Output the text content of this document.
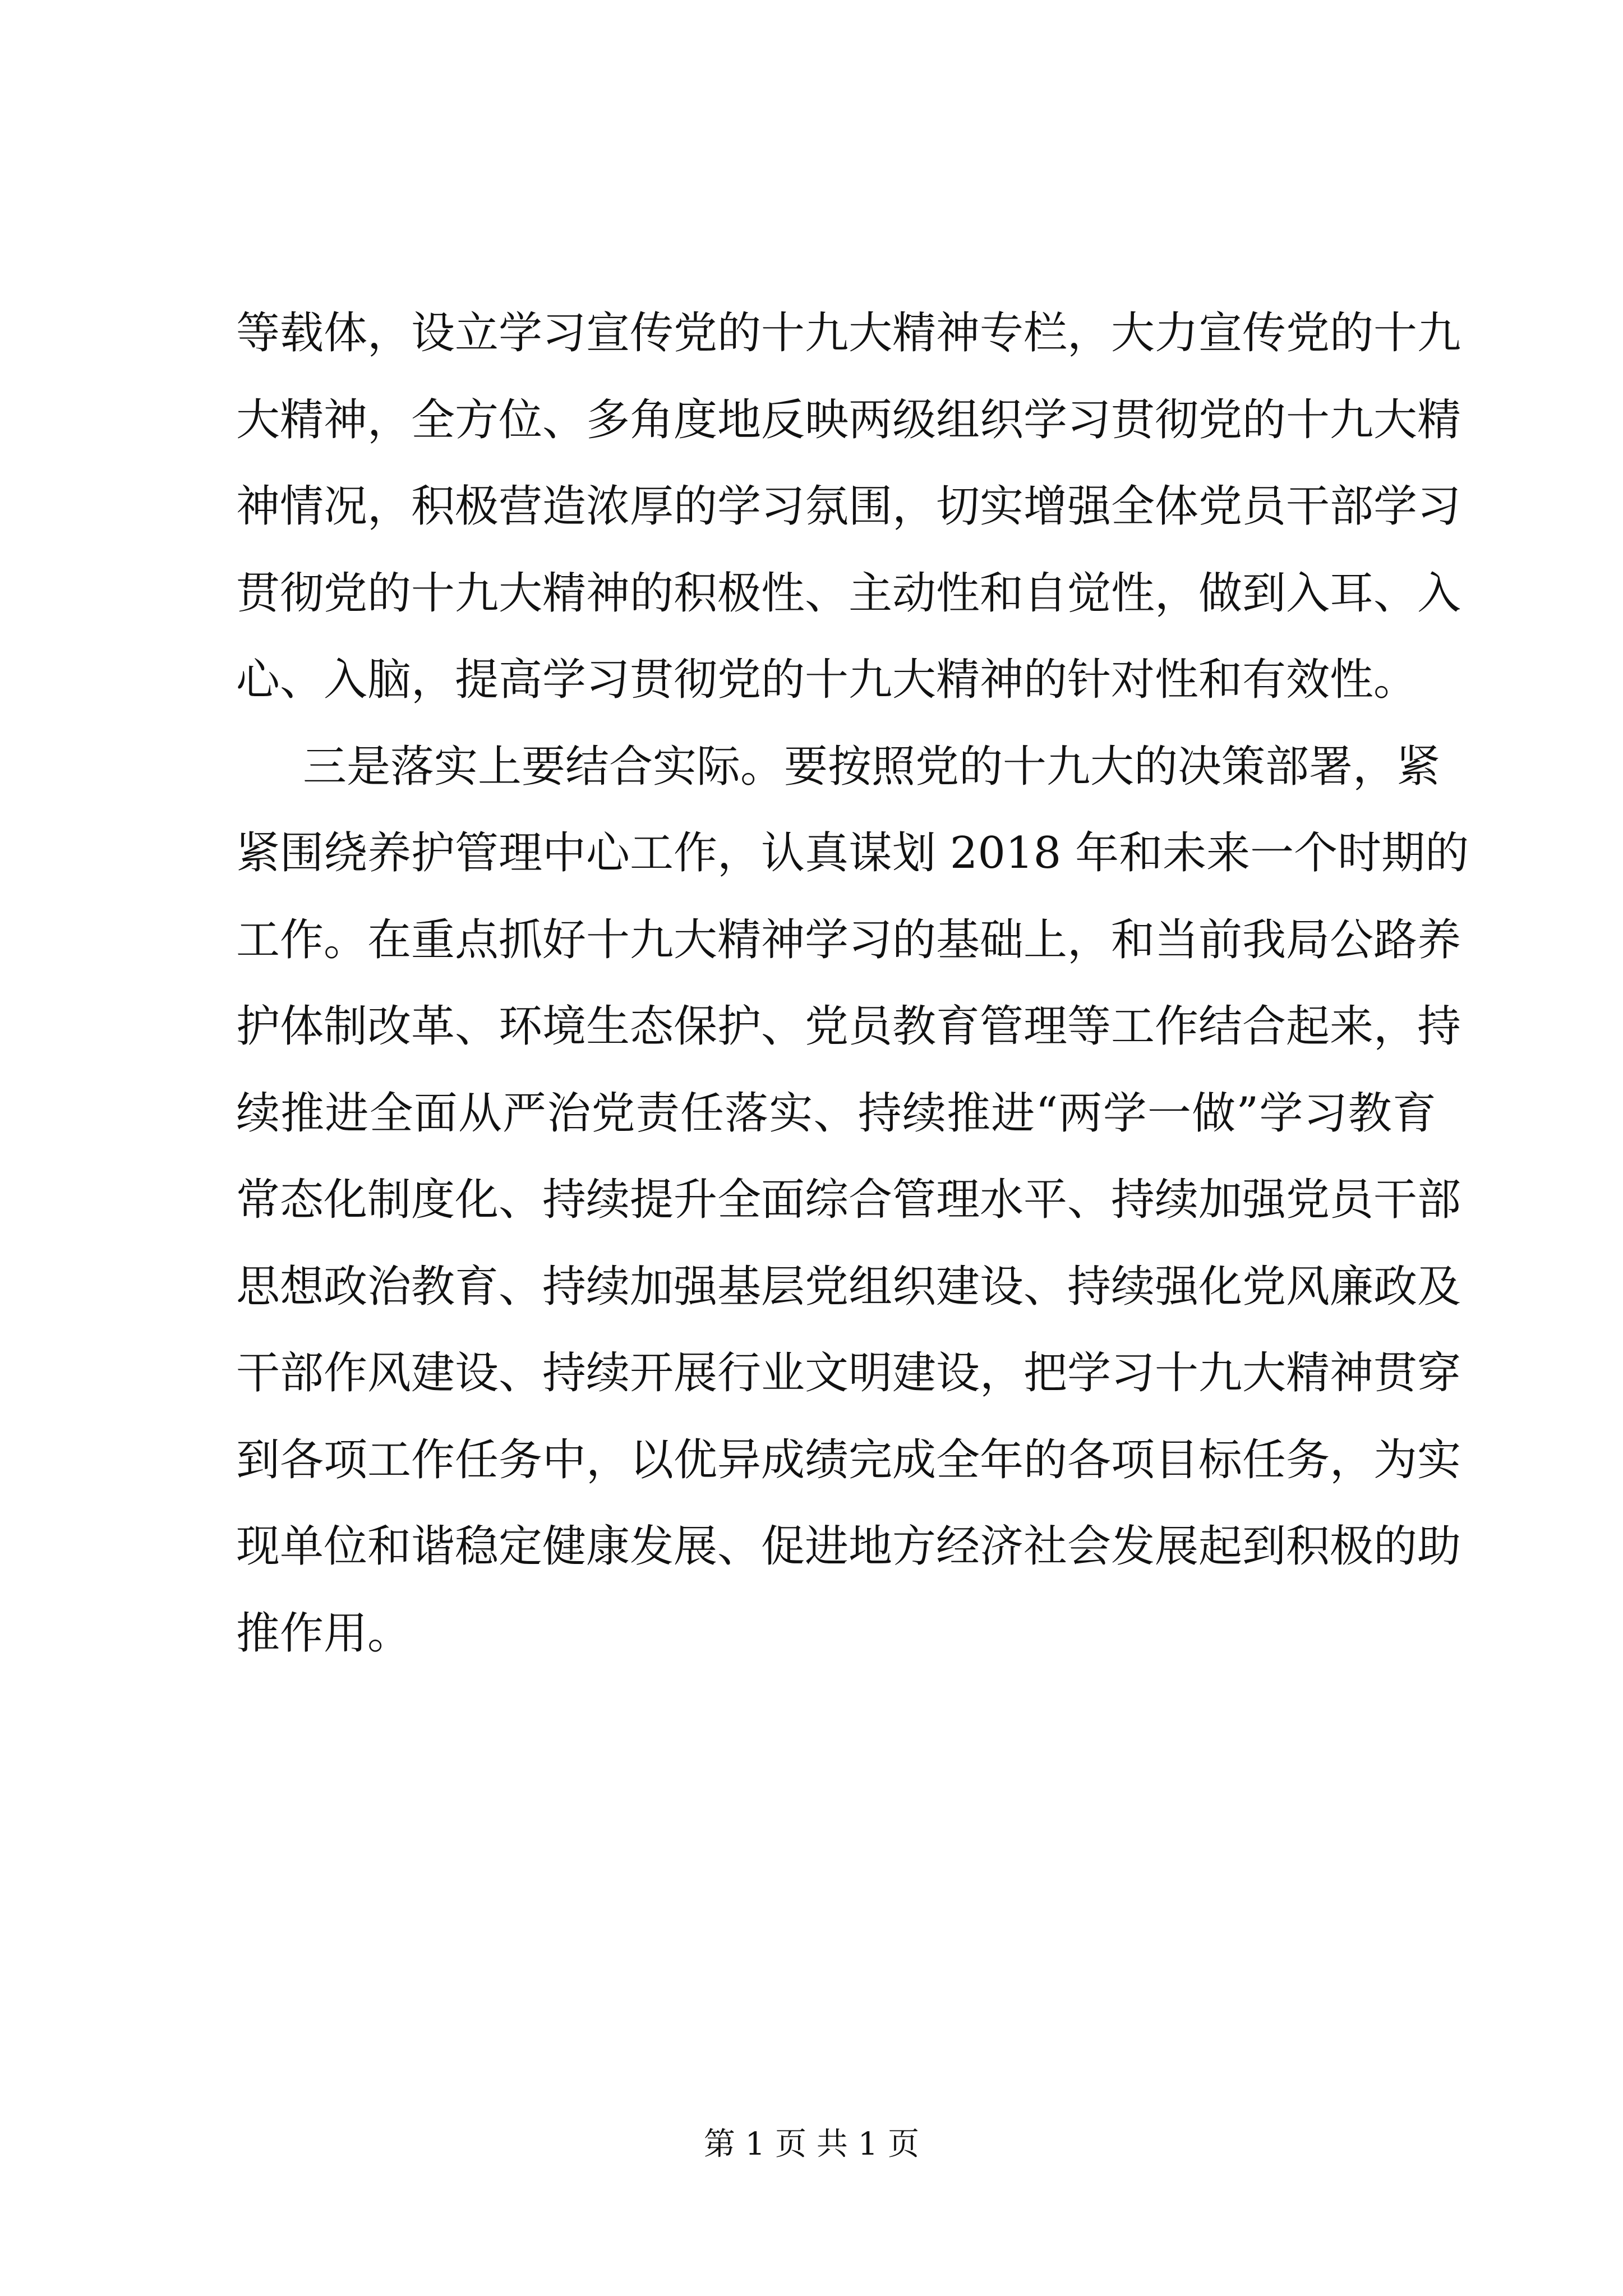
等载体，设立学习宣传党的十九大精神专栏，大力宣传党的十九
大精神，全方位、多角度地反映两级组织学习贯彻党的十九大精
神情况，积极营造浓厚的学习氛围，切实增强全体党员干部学习
贯彻党的十九大精神的积极性、主动性和自觉性，做到入耳、入
心、入脑，提高学习贯彻党的十九大精神的针对性和有效性。
三是落实上要结合实际。要按照党的十九大的决策部署，紧
紧围绕养护管理中心工作，认真谋划 2018 年和未来一个时期的
工作。在重点抓好十九大精神学习的基础上，和当前我局公路养
护体制改革、环境生态保护、党员教育管理等工作结合起来，持
续推进全面从严治党责任落实、持续推进“两学一做”学习教育
常态化制度化、持续提升全面综合管理水平、持续加强党员干部
思想政治教育、持续加强基层党组织建设、持续强化党风廉政及
干部作风建设、持续开展行业文明建设，把学习十九大精神贯穿
到各项工作任务中，以优异成绩完成全年的各项目标任务，为实
现单位和谐稳定健康发展、促进地方经济社会发展起到积极的助
推作用。
第 1 页 共 1 页
